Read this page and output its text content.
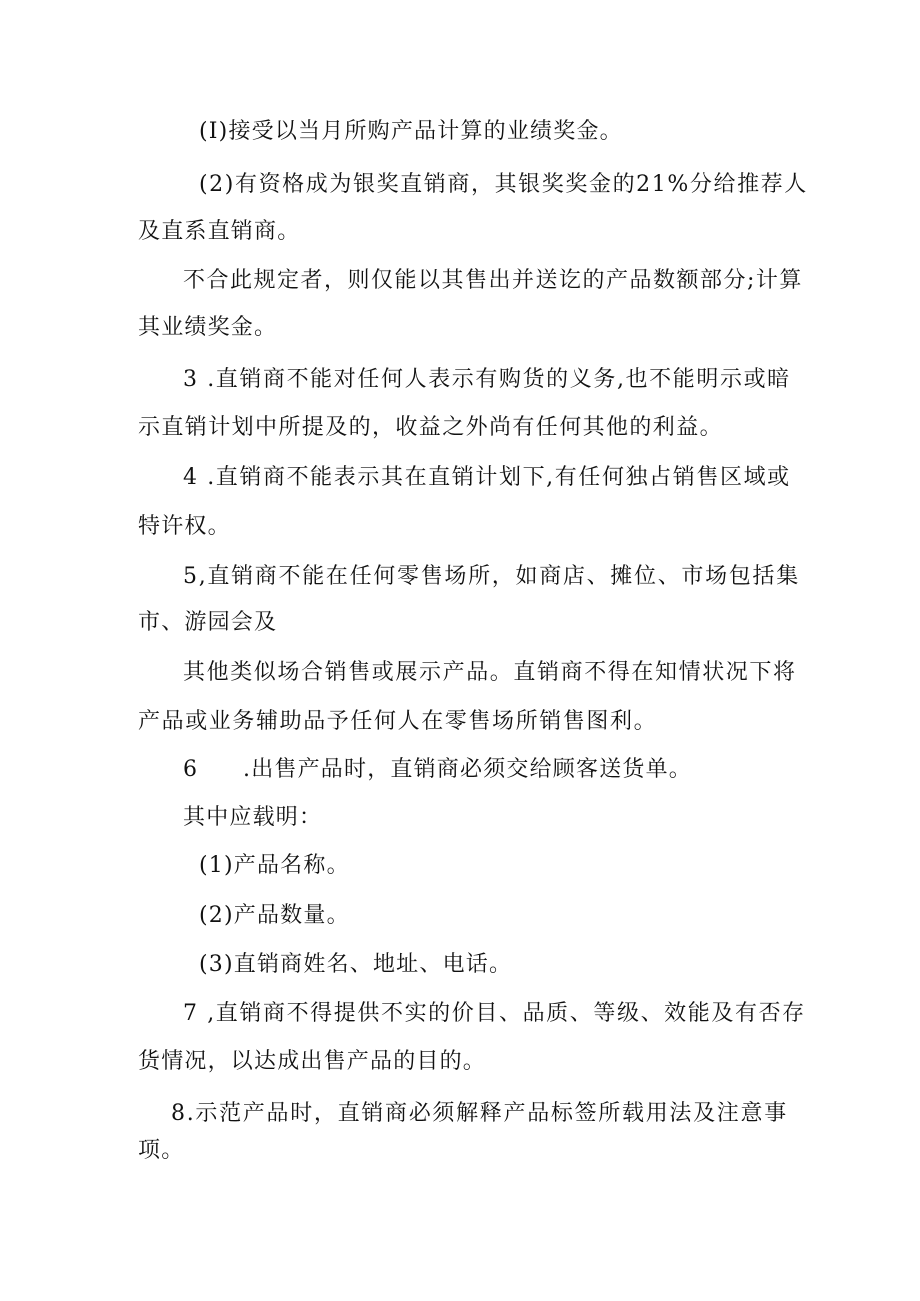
(I)接受以当月所购产品计算的业绩奖金。
(2)有资格成为银奖直销商，其银奖奖金的21%分给推荐人
及直系直销商。
不合此规定者，则仅能以其售出并送讫的产品数额部分;计算
其业绩奖金。
3 .直销商不能对任何人表示有购货的义务,也不能明示或暗
示直销计划中所提及的，收益之外尚有任何其他的利益。
4 .直销商不能表示其在直销计划下,有任何独占销售区域或
特许权。
5,直销商不能在任何零售场所，如商店、摊位、市场包括集
市、游园会及
其他类似场合销售或展示产品。直销商不得在知情状况下将
产品或业务辅助品予任何人在零售场所销售图利。
6 .出售产品时，直销商必须交给顾客送货单。
其中应载明：
(1)产品名称。
(2)产品数量。
(3)直销商姓名、地址、电话。
7 ,直销商不得提供不实的价目、品质、等级、效能及有否存
货情况，以达成出售产品的目的。
8.示范产品时，直销商必须解释产品标签所载用法及注意事
项。
